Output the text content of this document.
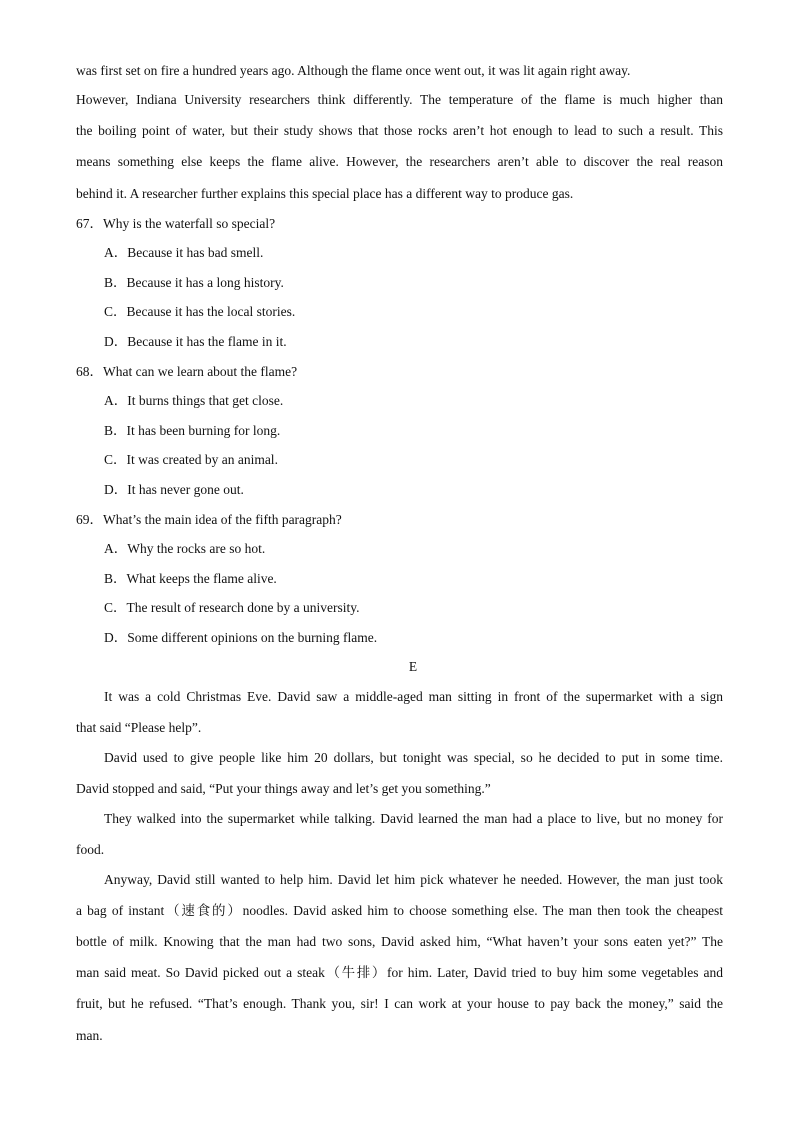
was first set on fire a hundred years ago. Although the flame once went out, it was lit again right away.
However, Indiana University researchers think differently. The temperature of the flame is much higher than
the boiling point of water, but their study shows that those rocks aren’t hot enough to lead to such a result. This
means something else keeps the flame alive. However, the researchers aren’t able to discover the real reason
behind it. A researcher further explains this special place has a different way to produce gas.
67．Why is the waterfall so special?
A．Because it has bad smell.
B．Because it has a long history.
C．Because it has the local stories.
D．Because it has the flame in it.
68．What can we learn about the flame?
A．It burns things that get close.
B．It has been burning for long.
C．It was created by an animal.
D．It has never gone out.
69．What’s the main idea of the fifth paragraph?
A．Why the rocks are so hot.
B．What keeps the flame alive.
C．The result of research done by a university.
D．Some different opinions on the burning flame.
E
It was a cold Christmas Eve. David saw a middle-aged man sitting in front of the supermarket with a sign
that said “Please help”.
David used to give people like him 20 dollars, but tonight was special, so he decided to put in some time.
David stopped and said, “Put your things away and let’s get you something.”
They walked into the supermarket while talking. David learned the man had a place to live, but no money for
food.
Anyway, David still wanted to help him. David let him pick whatever he needed. However, the man just took
a bag of instant（速食的）noodles. David asked him to choose something else. The man then took the cheapest
bottle of milk. Knowing that the man had two sons, David asked him, “What haven’t your sons eaten yet?” The
man said meat. So David picked out a steak（牛排）for him. Later, David tried to buy him some vegetables and
fruit, but he refused. “That’s enough. Thank you, sir! I can work at your house to pay back the money,” said the
man.
